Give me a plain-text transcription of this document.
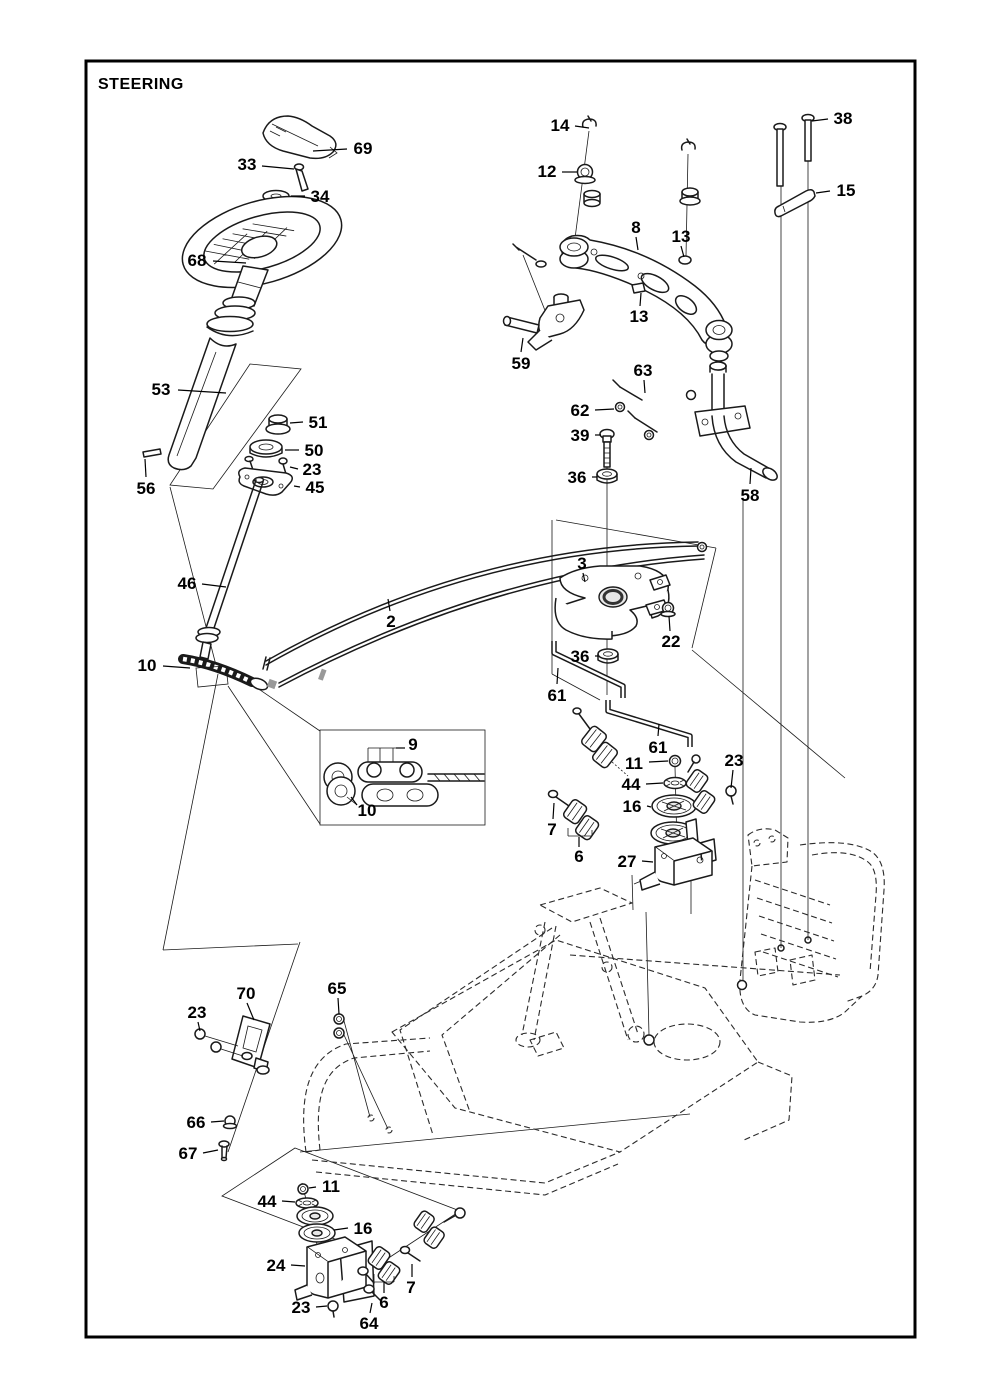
STEERING
69
33
34
68
53
56
51
50
23
45
46
10
2
14
12
38
15
8 13
13
59	63
62
39
36
58
3
22
36
61
61
9
10
11
44
16
23
7
6 27
70
23
65
66
67
11
44
16
24
7
6
23
64
